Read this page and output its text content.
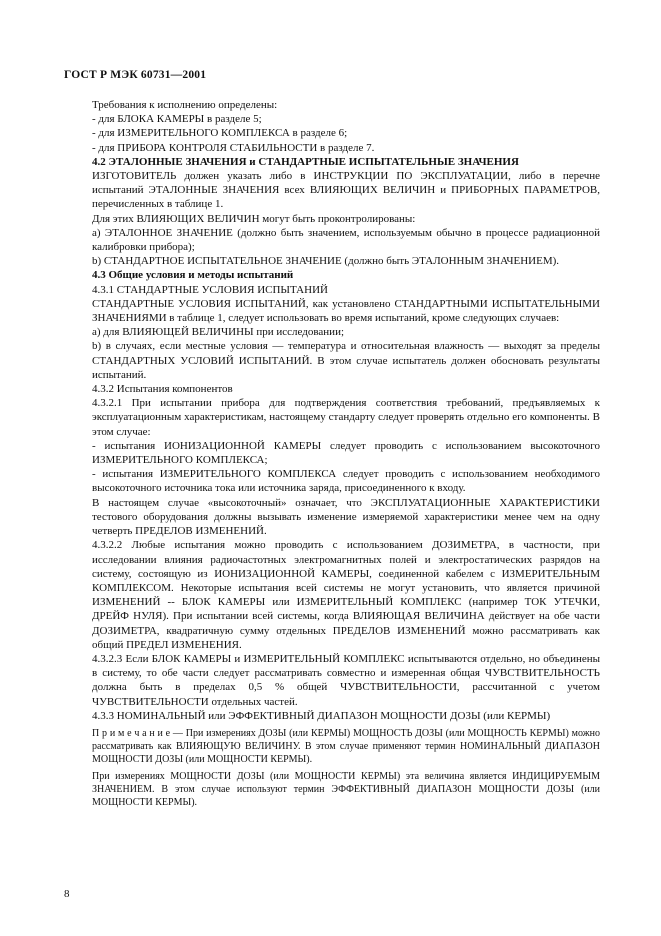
ГОСТ Р МЭК 60731—2001

Требования к исполнению определены:

- для БЛОКА КАМЕРЫ в разделе 5;

- для ИЗМЕРИТЕЛЬНОГО КОМПЛЕКСА в разделе 6;

- для ПРИБОРА КОНТРОЛЯ СТАБИЛЬНОСТИ в разделе 7.

4.2 ЭТАЛОННЫЕ ЗНАЧЕНИЯ и СТАНДАРТНЫЕ ИСПЫТАТЕЛЬНЫЕ ЗНАЧЕНИЯ

ИЗГОТОВИТЕЛЬ должен указать либо в ИНСТРУКЦИИ ПО ЭКСПЛУАТАЦИИ, либо в перечне испытаний ЭТАЛОННЫЕ ЗНАЧЕНИЯ всех ВЛИЯЮЩИХ ВЕЛИЧИН и ПРИБОРНЫХ ПАРАМЕТРОВ, перечисленных в таблице 1.

Для этих ВЛИЯЮЩИХ ВЕЛИЧИН могут быть проконтролированы:

а) ЭТАЛОННОЕ ЗНАЧЕНИЕ (должно быть значением, используемым обычно в процессе радиационной калибровки прибора);

b) СТАНДАРТНОЕ ИСПЫТАТЕЛЬНОЕ ЗНАЧЕНИЕ (должно быть ЭТАЛОННЫМ ЗНАЧЕНИЕМ).

4.3 Общие условия и методы испытаний

4.3.1 СТАНДАРТНЫЕ УСЛОВИЯ ИСПЫТАНИЙ

СТАНДАРТНЫЕ УСЛОВИЯ ИСПЫТАНИЙ, как установлено СТАНДАРТНЫМИ ИСПЫТАТЕЛЬНЫМИ ЗНАЧЕНИЯМИ в таблице 1, следует использовать во время испытаний, кроме следующих случаев:

а) для ВЛИЯЮЩЕЙ ВЕЛИЧИНЫ при исследовании;

b) в случаях, если местные условия — температура и относительная влажность — выходят за пределы СТАНДАРТНЫХ УСЛОВИЙ ИСПЫТАНИЙ. В этом случае испытатель должен обосновать результаты испытаний.

4.3.2 Испытания компонентов

4.3.2.1 При испытании прибора для подтверждения соответствия требований, предъявляемых к эксплуатационным характеристикам, настоящему стандарту следует проверять отдельно его компоненты. В этом случае:

- испытания ИОНИЗАЦИОННОЙ КАМЕРЫ следует проводить с использованием высокоточного ИЗМЕРИТЕЛЬНОГО КОМПЛЕКСА;

- испытания ИЗМЕРИТЕЛЬНОГО КОМПЛЕКСА следует проводить с использованием необходимого высокоточного источника тока или источника заряда, присоединенного к входу.

В настоящем случае «высокоточный» означает, что ЭКСПЛУАТАЦИОННЫЕ ХАРАКТЕРИСТИКИ тестового оборудования должны вызывать изменение измеряемой характеристики менее чем на одну четверть ПРЕДЕЛОВ ИЗМЕНЕНИЙ.

4.3.2.2 Любые испытания можно проводить с использованием ДОЗИМЕТРА, в частности, при исследовании влияния радиочастотных электромагнитных полей и электростатических разрядов на систему, состоящую из ИОНИЗАЦИОННОЙ КАМЕРЫ, соединенной кабелем с ИЗМЕРИТЕЛЬНЫМ КОМПЛЕКСОМ. Некоторые испытания всей системы не могут установить, что является причиной ИЗМЕНЕНИЙ -- БЛОК КАМЕРЫ или ИЗМЕРИТЕЛЬНЫЙ КОМПЛЕКС (например ТОК УТЕЧКИ, ДРЕЙФ НУЛЯ). При испытании всей системы, когда ВЛИЯЮЩАЯ ВЕЛИЧИНА действует на обе части ДОЗИМЕТРА, квадратичную сумму отдельных ПРЕДЕЛОВ ИЗМЕНЕНИЙ можно рассматривать как общий ПРЕДЕЛ ИЗМЕНЕНИЯ.

4.3.2.3 Если БЛОК КАМЕРЫ и ИЗМЕРИТЕЛЬНЫЙ КОМПЛЕКС испытываются отдельно, но объединены в систему, то обе части следует рассматривать совместно и измеренная общая ЧУВСТВИТЕЛЬНОСТЬ должна быть в пределах 0,5 % общей ЧУВСТВИТЕЛЬНОСТИ, рассчитанной с учетом ЧУВСТВИТЕЛЬНОСТИ отдельных частей.

4.3.3 НОМИНАЛЬНЫЙ или ЭФФЕКТИВНЫЙ ДИАПАЗОН МОЩНОСТИ ДОЗЫ (или КЕРМЫ)

П р и м е ч а н и е — При измерениях ДОЗЫ (или КЕРМЫ) МОЩНОСТЬ ДОЗЫ (или МОЩНОСТЬ КЕРМЫ) можно рассматривать как ВЛИЯЮЩУЮ ВЕЛИЧИНУ. В этом случае применяют термин НОМИНАЛЬНЫЙ ДИАПАЗОН МОЩНОСТИ ДОЗЫ (или МОЩНОСТИ КЕРМЫ).

При измерениях МОЩНОСТИ ДОЗЫ (или МОЩНОСТИ КЕРМЫ) эта величина является ИНДИЦИРУЕМЫМ ЗНАЧЕНИЕМ. В этом случае используют термин ЭФФЕКТИВНЫЙ ДИАПАЗОН МОЩНОСТИ ДОЗЫ (или МОЩНОСТИ КЕРМЫ).

8
